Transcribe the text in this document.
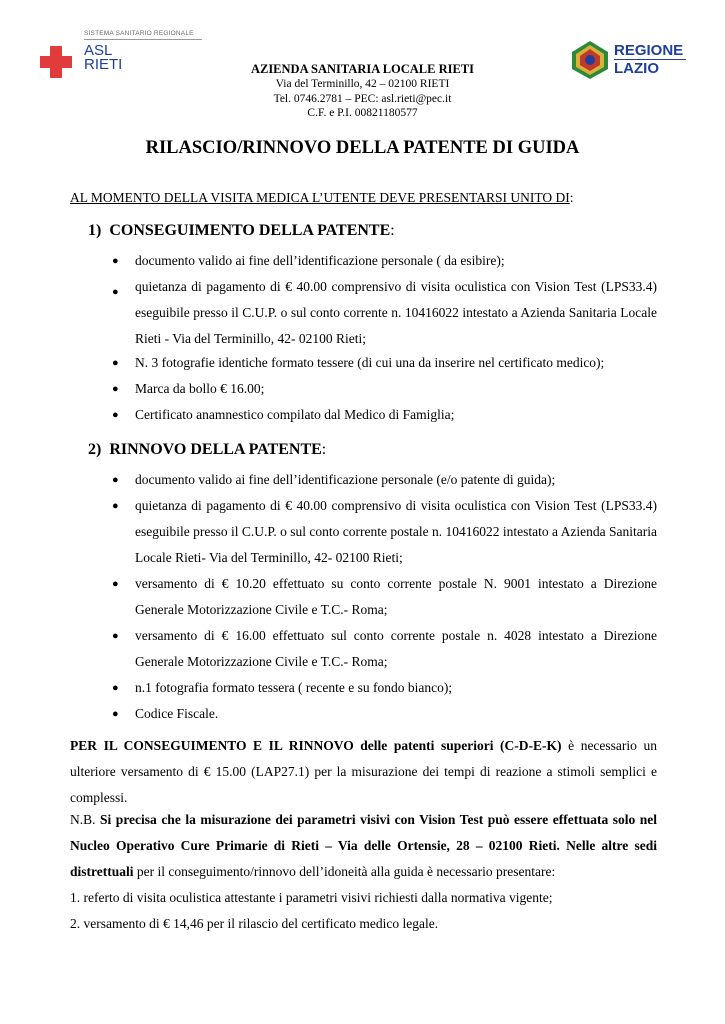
SISTEMA SANITARIO REGIONALE
ASL
RIETI
REGIONE
LAZIO
AZIENDA SANITARIA LOCALE RIETI
Via del Terminillo, 42 – 02100 RIETI
Tel. 0746.2781 – PEC: asl.rieti@pec.it
C.F. e P.I. 00821180577
RILASCIO/RINNOVO DELLA PATENTE DI GUIDA
AL MOMENTO DELLA VISITA MEDICA L’UTENTE DEVE PRESENTARSI UNITO DI:
1) CONSEGUIMENTO DELLA PATENTE:
● documento valido ai fine dell’identificazione personale ( da esibire);
● quietanza di pagamento di € 40.00 comprensivo di visita oculistica con Vision Test (LPS33.4) eseguibile presso il C.U.P. o sul conto corrente n. 10416022 intestato a Azienda Sanitaria Locale Rieti - Via del Terminillo, 42- 02100 Rieti;
● N. 3 fotografie identiche formato tessere (di cui una da inserire nel certificato medico);
● Marca da bollo € 16.00;
● Certificato anamnestico compilato dal Medico di Famiglia;
2) RINNOVO DELLA PATENTE:
● documento valido ai fine dell’identificazione personale (e/o patente di guida);
● quietanza di pagamento di € 40.00 comprensivo di visita oculistica con Vision Test (LPS33.4) eseguibile presso il C.U.P. o sul conto corrente postale n. 10416022 intestato a Azienda Sanitaria Locale Rieti- Via del Terminillo, 42- 02100 Rieti;
● versamento di € 10.20 effettuato su conto corrente postale N. 9001 intestato a Direzione Generale Motorizzazione Civile e T.C.- Roma;
● versamento di € 16.00 effettuato sul conto corrente postale n. 4028 intestato a Direzione Generale Motorizzazione Civile e T.C.- Roma;
● n.1 fotografia formato tessera ( recente e su fondo bianco);
● Codice Fiscale.
PER IL CONSEGUIMENTO E IL RINNOVO delle patenti superiori (C-D-E-K) è necessario un ulteriore versamento di € 15.00 (LAP27.1) per la misurazione dei tempi di reazione a stimoli semplici e complessi.
N.B. Si precisa che la misurazione dei parametri visivi con Vision Test può essere effettuata solo nel Nucleo Operativo Cure Primarie di Rieti – Via delle Ortensie, 28 – 02100 Rieti. Nelle altre sedi distrettuali per il conseguimento/rinnovo dell’idoneità alla guida è necessario presentare:
1. referto di visita oculistica attestante i parametri visivi richiesti dalla normativa vigente;
2. versamento di € 14,46 per il rilascio del certificato medico legale.
